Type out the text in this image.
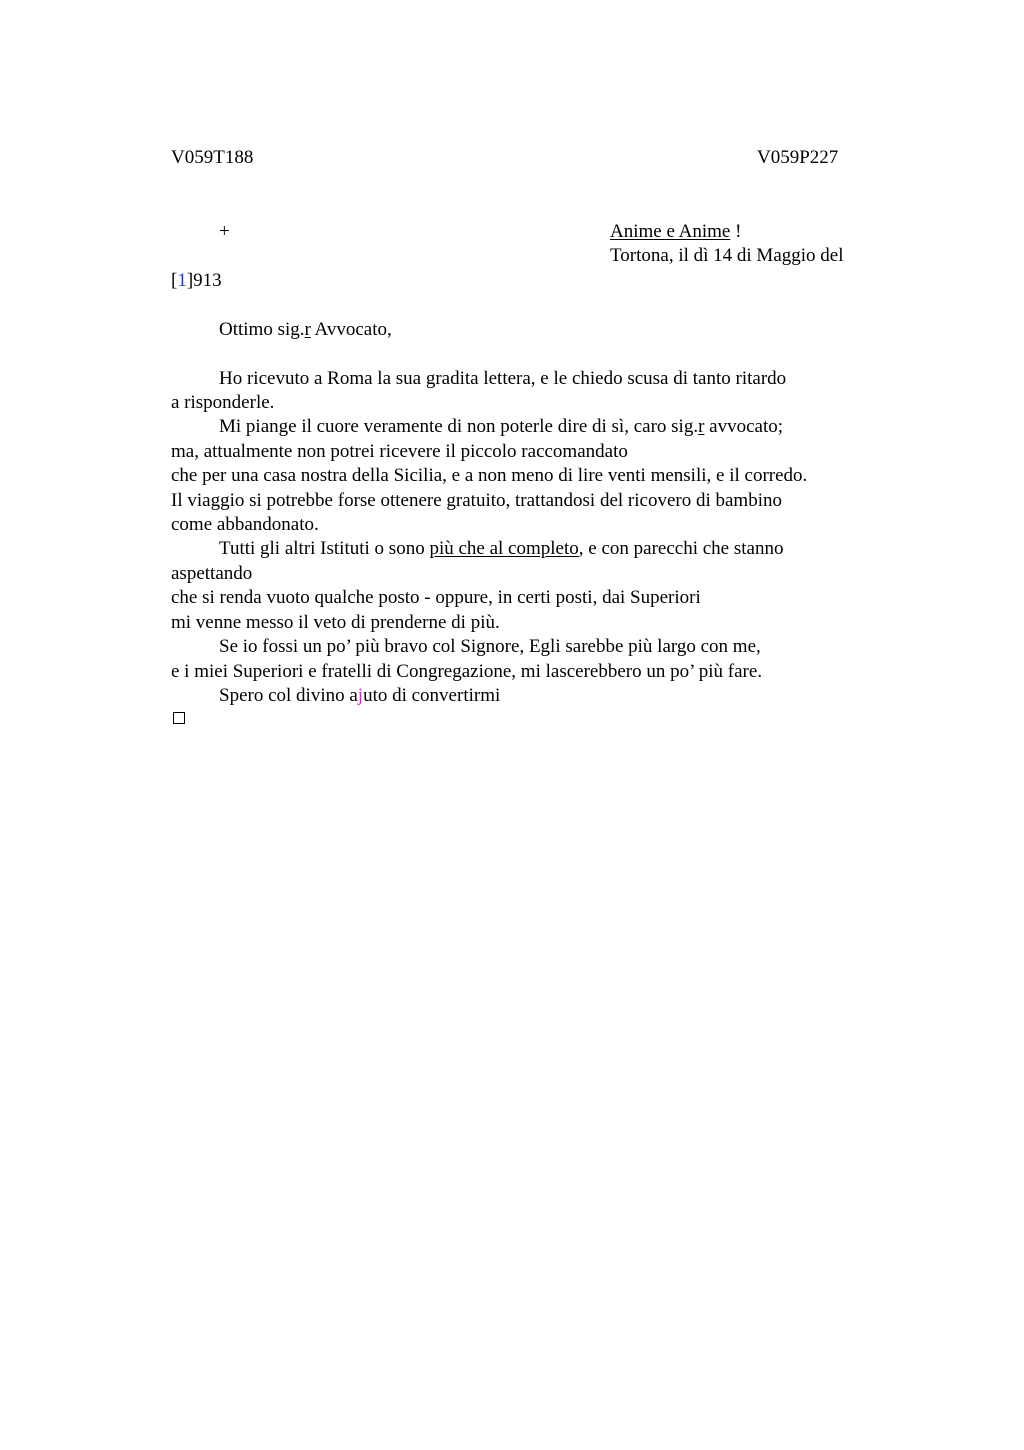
V059T188	V059P227
+	Anime e Anime !
Tortona, il dì 14 di Maggio del
[1]913
Ottimo sig.r Avvocato,
Ho ricevuto a Roma la sua gradita lettera, e le chiedo scusa di tanto ritardo
a risponderle.
Mi piange il cuore veramente di non poterle dire di sì, caro sig.r avvocato;
ma, attualmente non potrei ricevere il piccolo raccomandato
che per una casa nostra della Sicilia, e a non meno di lire venti mensili, e il corredo.
Il viaggio si potrebbe forse ottenere gratuito, trattandosi del ricovero di bambino
come abbandonato.
Tutti gli altri Istituti o sono più che al completo, e con parecchi che stanno
aspettando
che si renda vuoto qualche posto - oppure, in certi posti, dai Superiori
mi venne messo il veto di prenderne di più.
Se io fossi un po’ più bravo col Signore, Egli sarebbe più largo con me,
e i miei Superiori e fratelli di Congregazione, mi lascerebbero un po’ più fare.
Spero col divino ajuto di convertirmi
